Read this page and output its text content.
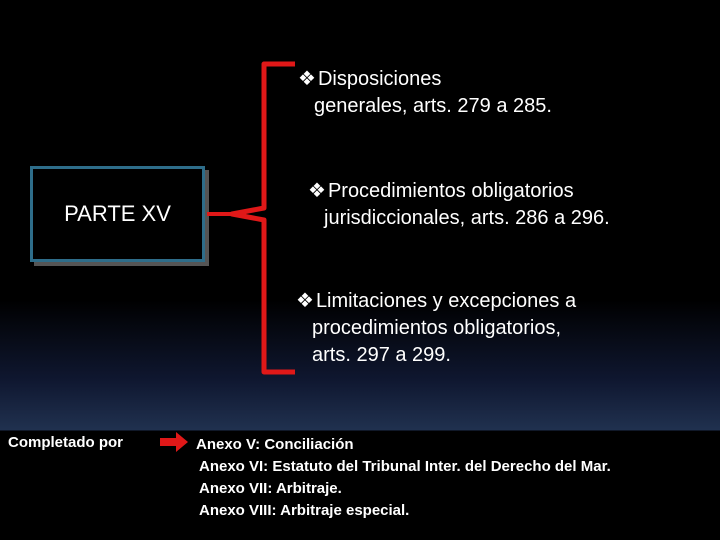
PARTE XV
❖ Disposiciones
generales, arts. 279 a 285.
❖ Procedimientos obligatorios
jurisdiccionales, arts. 286 a 296.
❖ Limitaciones y excepciones a
procedimientos obligatorios,
arts. 297 a 299.
Completado por	Anexo V: Conciliación
Anexo VI: Estatuto del Tribunal Inter. del Derecho del Mar.
Anexo VII: Arbitraje.
Anexo VIII: Arbitraje especial.
